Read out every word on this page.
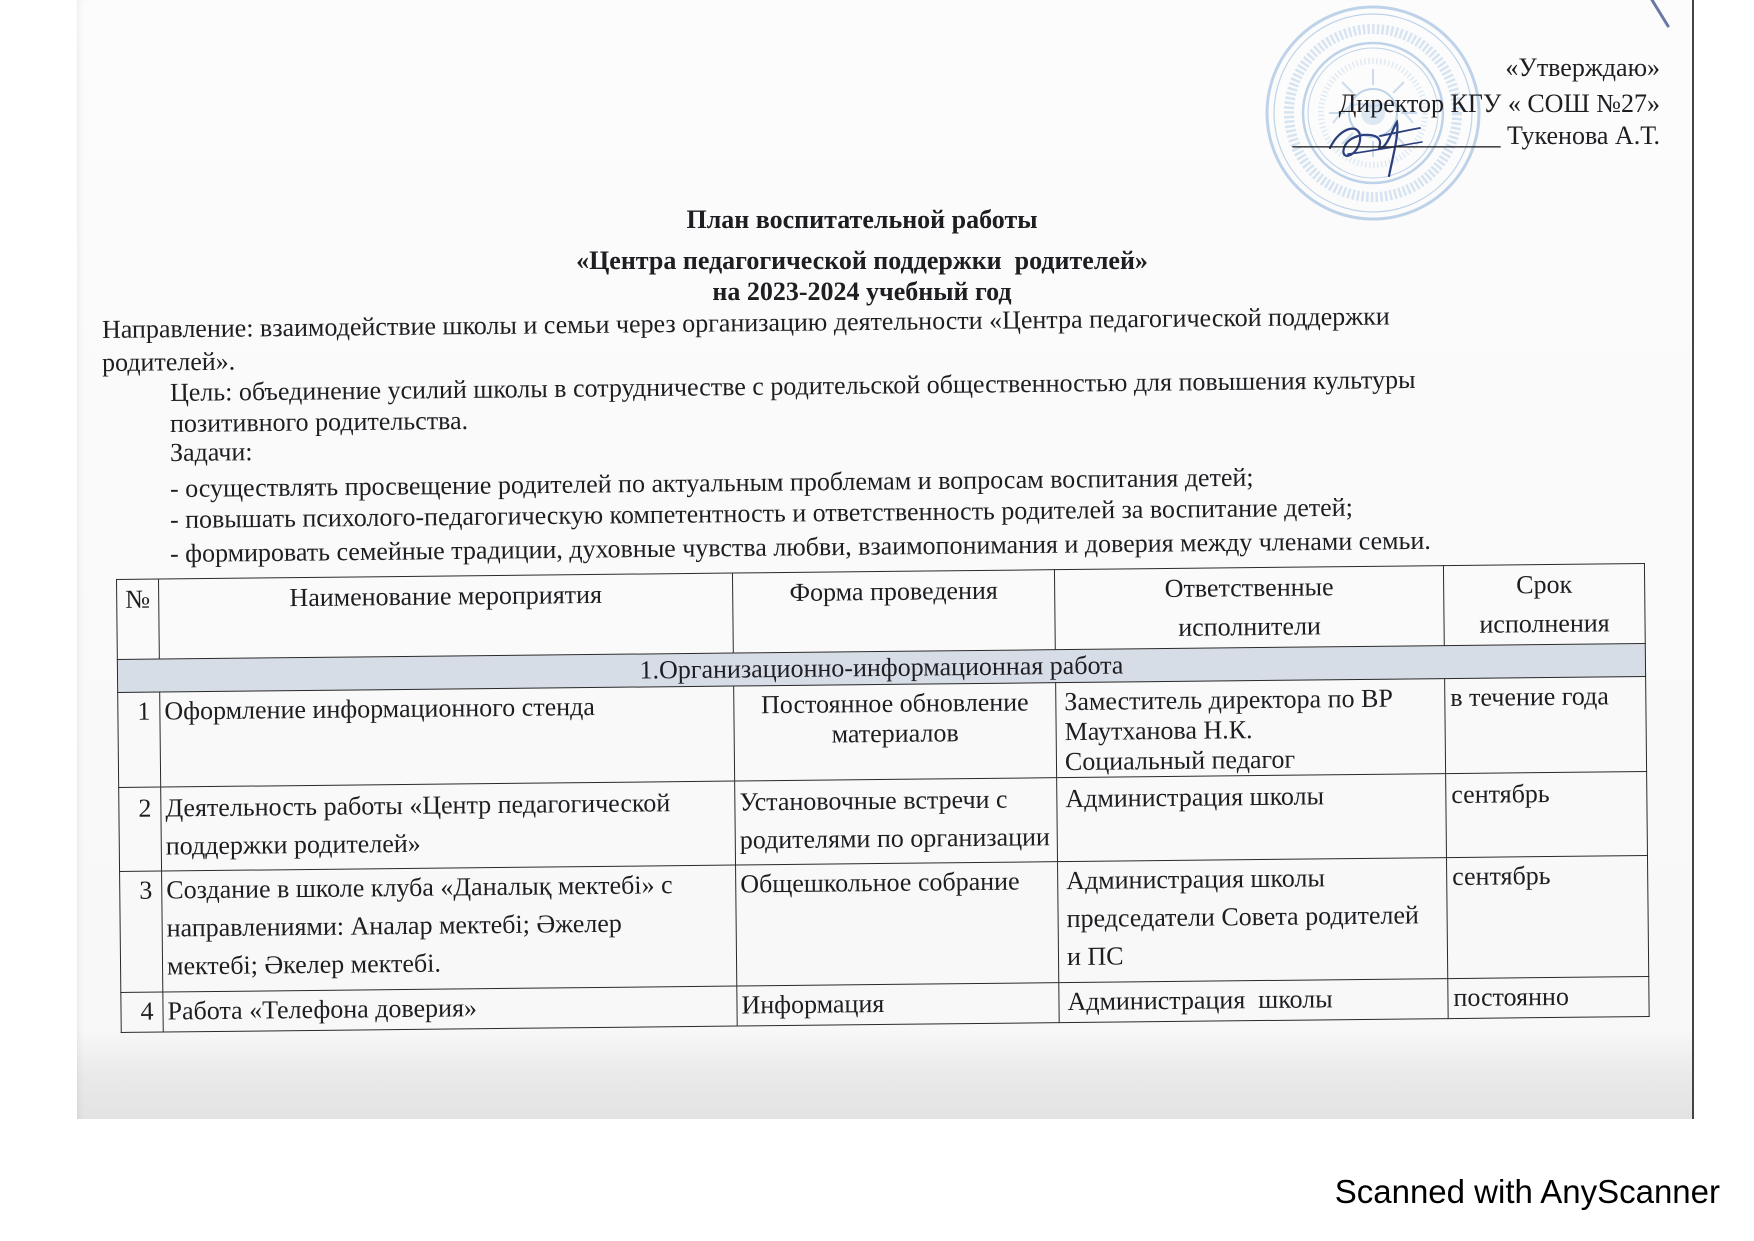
«Утверждаю»
Директор КГУ « СОШ №27»
________________ Тукенова А.Т.
План воспитательной работы
«Центра педагогической поддержки  родителей»
на 2023-2024 учебный год
Направление: взаимодействие школы и семьи через организацию деятельности «Центра педагогической поддержки
родителей».
Цель: объединение усилий школы в сотрудничестве с родительской общественностью для повышения культуры
позитивного родительства.
Задачи:
- осуществлять просвещение родителей по актуальным проблемам и вопросам воспитания детей;
- повышать психолого-педагогическую компетентность и ответственность родителей за воспитание детей;
- формировать семейные традиции, духовные чувства любви, взаимопонимания и доверия между членами семьи.
№	Наименование мероприятия	Форма проведения	Ответственные
исполнители	Срок
исполнения

1.Организационно-информационная работа				

1	Оформление информационного стенда	Постоянное обновление
материалов	Заместитель директора по ВР
Маутханова Н.К.
Социальный педагог	в течение года

2	Деятельность работы «Центр педагогической
поддержки родителей»	Установочные встречи с
родителями по организации	Администрация школы	сентябрь

3	Создание в школе клуба «Даналық мектебі» с
направлениями: Аналар мектебі; Әжелер
мектебі; Әкелер мектебі.	Общешкольное собрание	Администрация школы
председатели Совета родителей
и ПС	сентябрь

4	Работа «Телефона доверия»	Информация	Администрация  школы	постоянно
Scanned with AnyScanner
